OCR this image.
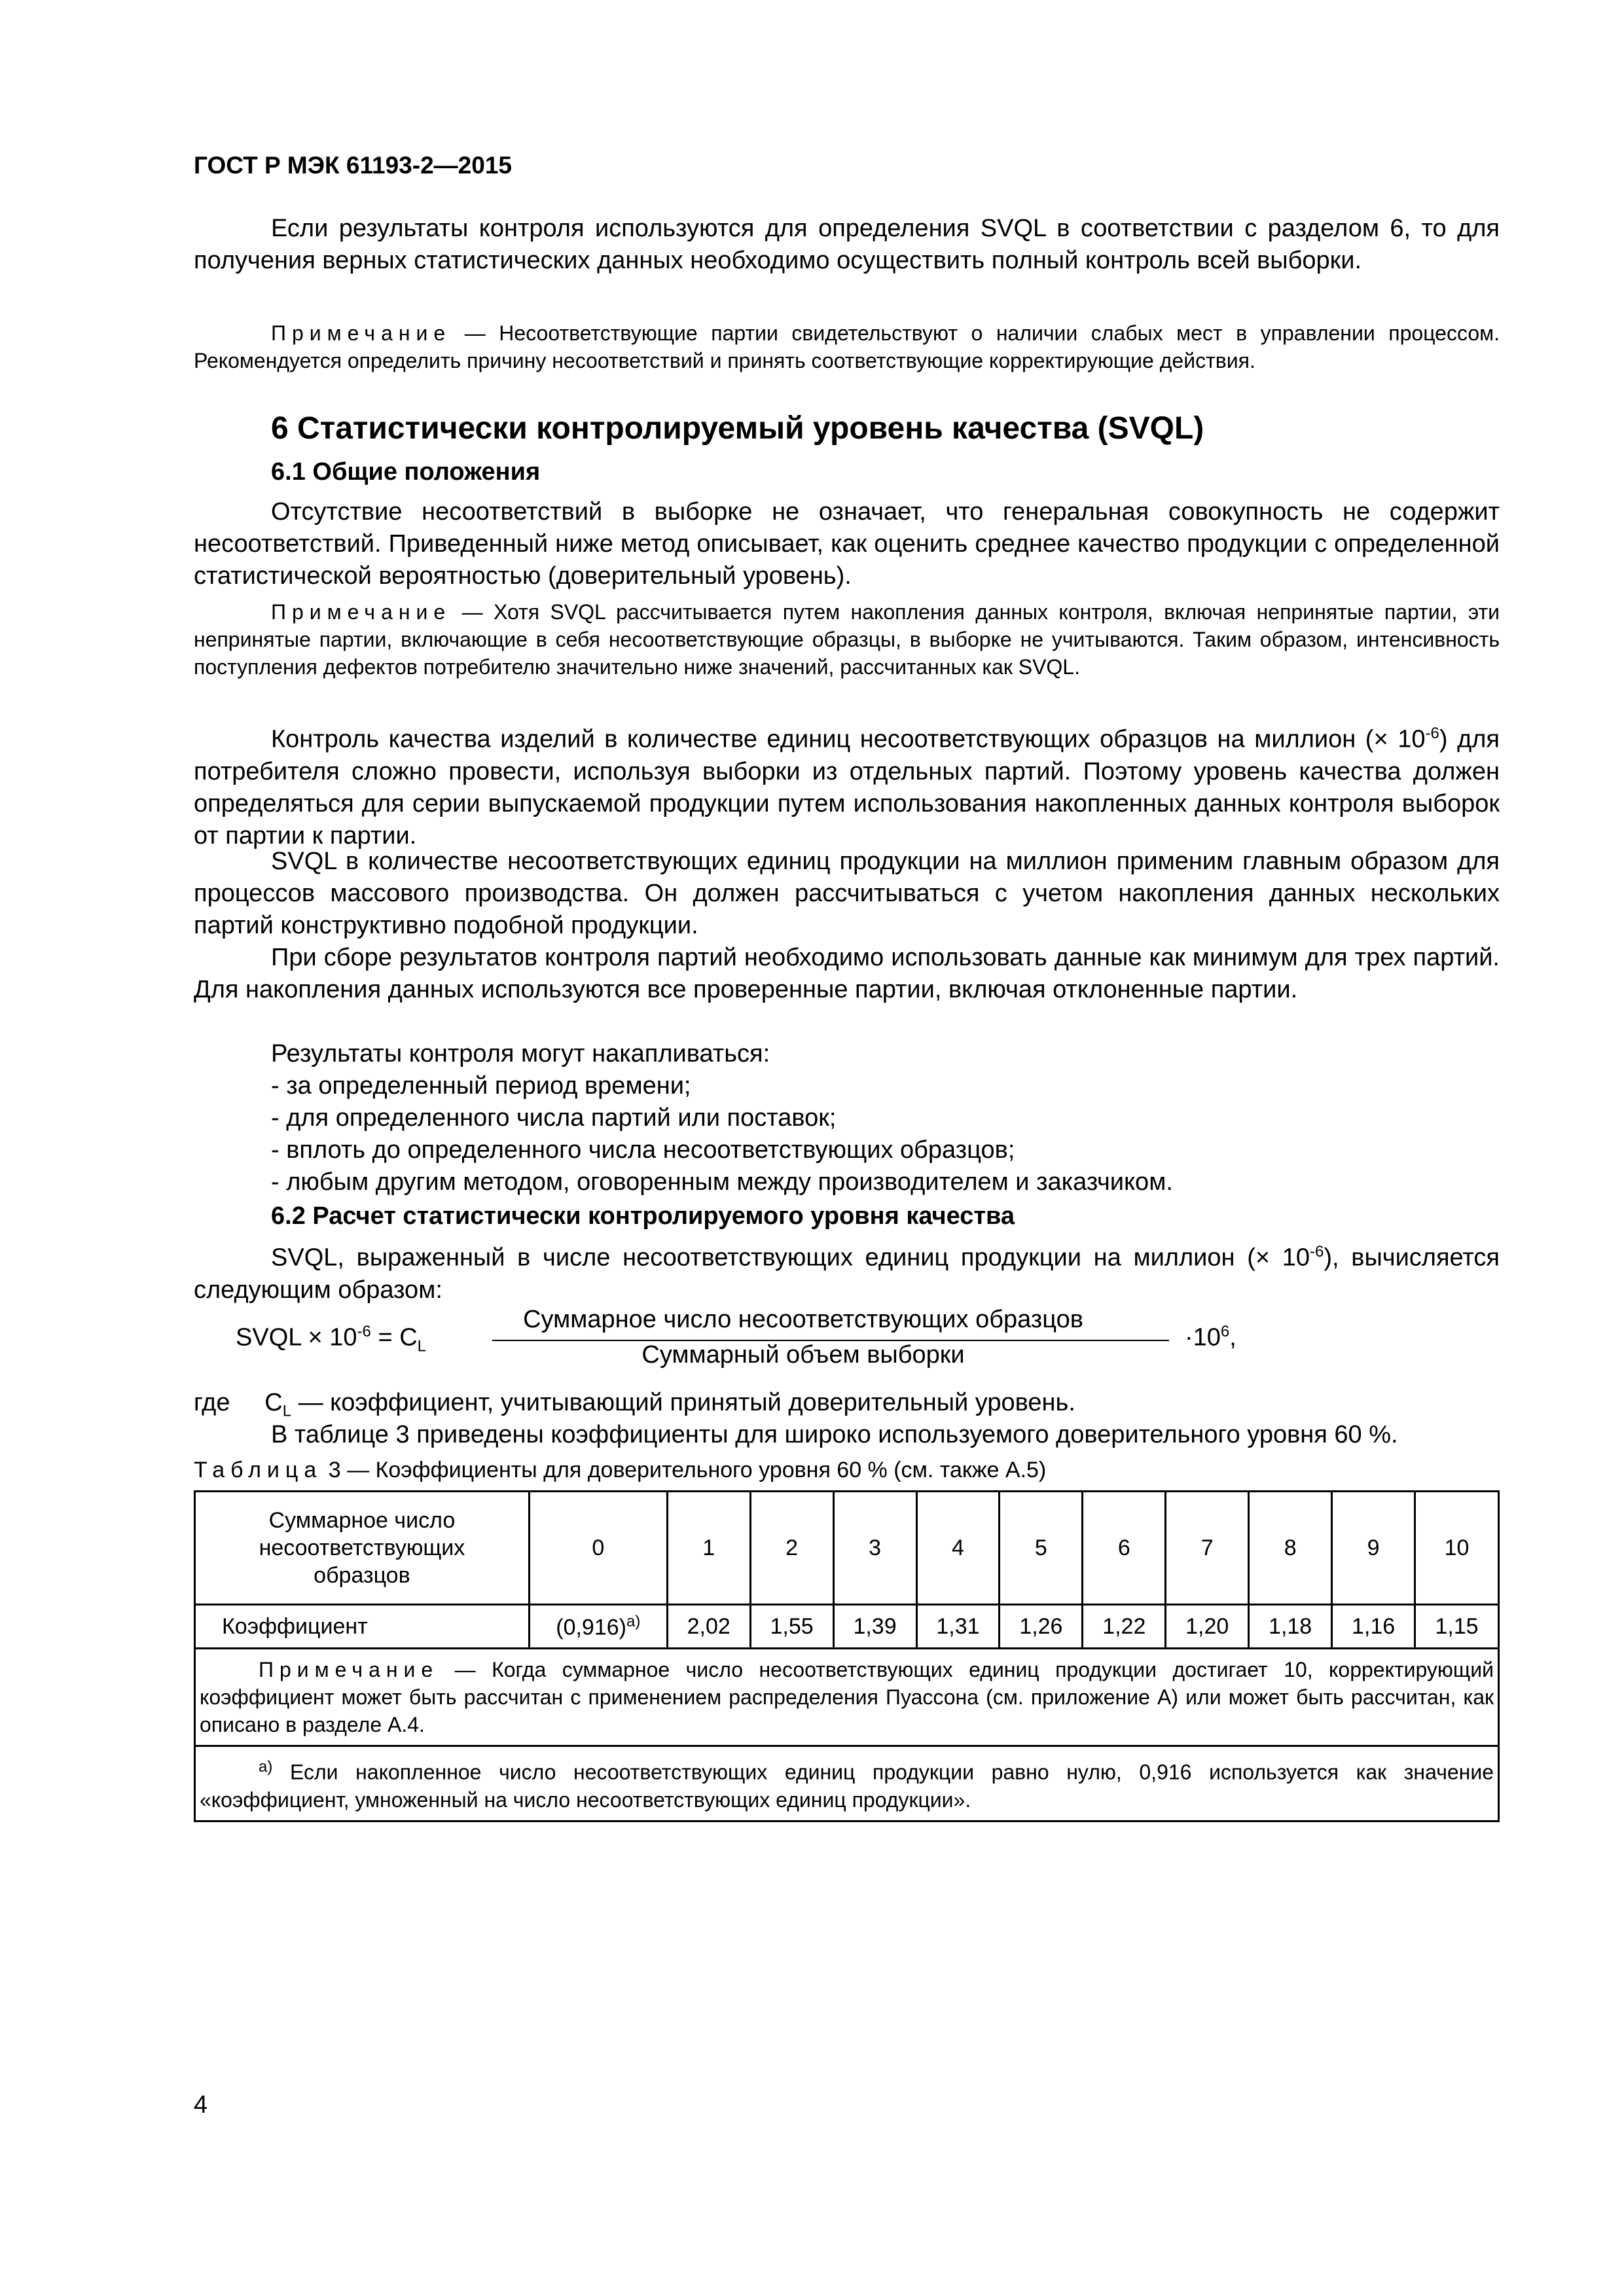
ГОСТ Р МЭК 61193-2—2015
Если результаты контроля используются для определения SVQL в соответствии с разделом 6, то для получения верных статистических данных необходимо осуществить полный контроль всей выборки.
Примечание — Несоответствующие партии свидетельствуют о наличии слабых мест в управлении процессом. Рекомендуется определить причину несоответствий и принять соответствующие корректирующие действия.
6 Статистически контролируемый уровень качества (SVQL)
6.1 Общие положения
Отсутствие несоответствий в выборке не означает, что генеральная совокупность не содержит несоответствий. Приведенный ниже метод описывает, как оценить среднее качество продукции с определенной статистической вероятностью (доверительный уровень).
Примечание — Хотя SVQL рассчитывается путем накопления данных контроля, включая непринятые партии, эти непринятые партии, включающие в себя несоответствующие образцы, в выборке не учитываются. Таким образом, интенсивность поступления дефектов потребителю значительно ниже значений, рассчитанных как SVQL.
Контроль качества изделий в количестве единиц несоответствующих образцов на миллион (× $10^{-6}$) для потребителя сложно провести, используя выборки из отдельных партий. Поэтому уровень качества должен определяться для серии выпускаемой продукции путем использования накопленных данных контроля выборок от партии к партии.
SVQL в количестве несоответствующих единиц продукции на миллион применим главным образом для процессов массового производства. Он должен рассчитываться с учетом накопления данных нескольких партий конструктивно подобной продукции.
При сборе результатов контроля партий необходимо использовать данные как минимум для трех партий. Для накопления данных используются все проверенные партии, включая отклоненные партии.
Результаты контроля могут накапливаться:
- за определенный период времени;
- для определенного числа партий или поставок;
- вплоть до определенного числа несоответствующих образцов;
- любым другим методом, оговоренным между производителем и заказчиком.
6.2 Расчет статистически контролируемого уровня качества
SVQL, выраженный в числе несоответствующих единиц продукции на миллион (× $10^{-6}$), вычисляется следующим образом:
SVQL × $10^{-6} = C_L$
Суммарное число несоответствующих образцов
Суммарный объем выборки
$\cdot 10^6$,
где     $C_L$ — коэффициент, учитывающий принятый доверительный уровень.
В таблице 3 приведены коэффициенты для широко используемого доверительного уровня 60 %.
Таблица 3 — Коэффициенты для доверительного уровня 60 % (см. также А.5)
Суммарное число несоответствующих образцов	0	1	2	3	4	5	6	7	8	9	10
Коэффициент	$(0,916)^{a)}$	2,02	1,55	1,39	1,31	1,26	1,22	1,20	1,18	1,16	1,15
Примечание — Когда суммарное число несоответствующих единиц продукции достигает 10, корректирующий коэффициент может быть рассчитан с применением распределения Пуассона (см. приложение А) или может быть рассчитан, как описано в разделе А.4.											
$^{a)}$ Если накопленное число несоответствующих единиц продукции равно нулю, 0,916 используется как значение «коэффициент, умноженный на число несоответствующих единиц продукции».											
4
